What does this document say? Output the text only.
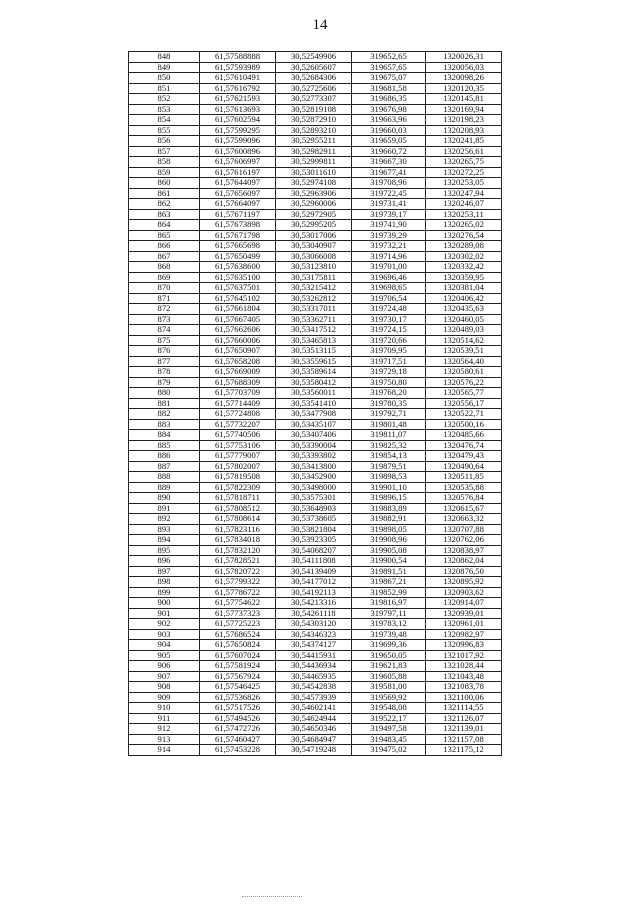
14
848	61,57588888	30,52549906	319652,65	1320026,31
849	61,57593989	30,52605607	319657,65	1320056,03
850	61,57610491	30,52684306	319675,07	1320098,26
851	61,57616792	30,52725606	319681,58	1320120,35
852	61,57621593	30,52773307	319686,35	1320145,81
853	61,57613693	30,52819108	319676,98	1320169,94
854	61,57602594	30,52872910	319663,96	1320198,23
855	61,57599295	30,52893210	319660,03	1320208,93
856	61,57599096	30,52955211	319659,05	1320241,85
857	61,57600896	30,52982911	319660,72	1320256,61
858	61,57606997	30,52999811	319667,30	1320265,75
859	61,57616197	30,53011610	319677,41	1320272,25
860	61,57644097	30,52974108	319708,96	1320253,05
861	61,57656097	30,52963906	319722,45	1320247,94
862	61,57664097	30,52960006	319731,41	1320246,07
863	61,57671197	30,52972905	319739,17	1320253,11
864	61,57673898	30,52995205	319741,90	1320265,02
865	61,57671798	30,53017006	319739,29	1320276,54
866	61,57665698	30,53040907	319732,21	1320289,08
867	61,57650499	30,53066008	319714,96	1320302,02
868	61,57638600	30,53123810	319701,00	1320332,42
869	61,57635100	30,53175811	319696,46	1320359,95
870	61,57637501	30,53215412	319698,65	1320381,04
871	61,57645102	30,53262812	319706,54	1320406,42
872	61,57661804	30,53317011	319724,48	1320435,63
873	61,57667405	30,53362711	319730,17	1320460,05
874	61,57662606	30,53417512	319724,15	1320489,03
875	61,57660006	30,53465813	319720,66	1320514,62
876	61,57650907	30,53513115	319709,95	1320539,51
877	61,57658208	30,53559615	319717,51	1320564,40
878	61,57669009	30,53589614	319729,18	1320580,61
879	61,57688309	30,53580412	319750,80	1320576,22
880	61,57703709	30,53560011	319768,20	1320565,77
881	61,57714409	30,53541410	319780,35	1320556,17
882	61,57724808	30,53477908	319792,71	1320522,71
883	61,57732207	30,53435107	319801,48	1320500,16
884	61,57740506	30,53407406	319811,07	1320485,66
885	61,57753106	30,53390004	319825,32	1320476,74
886	61,57779007	30,53393802	319854,13	1320479,43
887	61,57802007	30,53413800	319879,51	1320490,64
888	61,57819508	30,53452900	319898,53	1320511,85
889	61,57822309	30,53498000	319901,10	1320535,88
890	61,57818711	30,53575301	319896,15	1320576,84
891	61,57808512	30,53648903	319883,89	1320615,67
892	61,57808614	30,53738605	319882,91	1320663,32
893	61,57823116	30,53821804	319898,05	1320707,88
894	61,57834018	30,53923305	319908,96	1320762,06
895	61,57832120	30,54068207	319905,08	1320838,97
896	61,57828521	30,54111808	319900,54	1320862,04
897	61,57820722	30,54139409	319891,51	1320876,50
898	61,57799322	30,54177012	319867,21	1320895,92
899	61,57786722	30,54192113	319852,99	1320903,62
900	61,57754622	30,54213316	319816,97	1320914,07
901	61,57737323	30,54261118	319797,11	1320939,01
902	61,57725223	30,54303120	319783,12	1320961,01
903	61,57686524	30,54346323	319739,48	1320982,97
904	61,57650824	30,54374127	319699,36	1320996,83
905	61,57607024	30,54415931	319650,05	1321017,92
906	61,57581924	30,54436934	319621,83	1321028,44
907	61,57567924	30,54465935	319605,88	1321043,48
908	61,57546425	30,54542838	319581,00	1321083,78
909	61,57536826	30,54573939	319569,92	1321100,06
910	61,57517526	30,54602141	319548,08	1321114,55
911	61,57494526	30,54624944	319522,17	1321126,07
912	61,57472726	30,54650346	319497,58	1321139,01
913	61,57460427	30,54684947	319483,45	1321157,08
914	61,57453228	30,54719248	319475,02	1321175,12
